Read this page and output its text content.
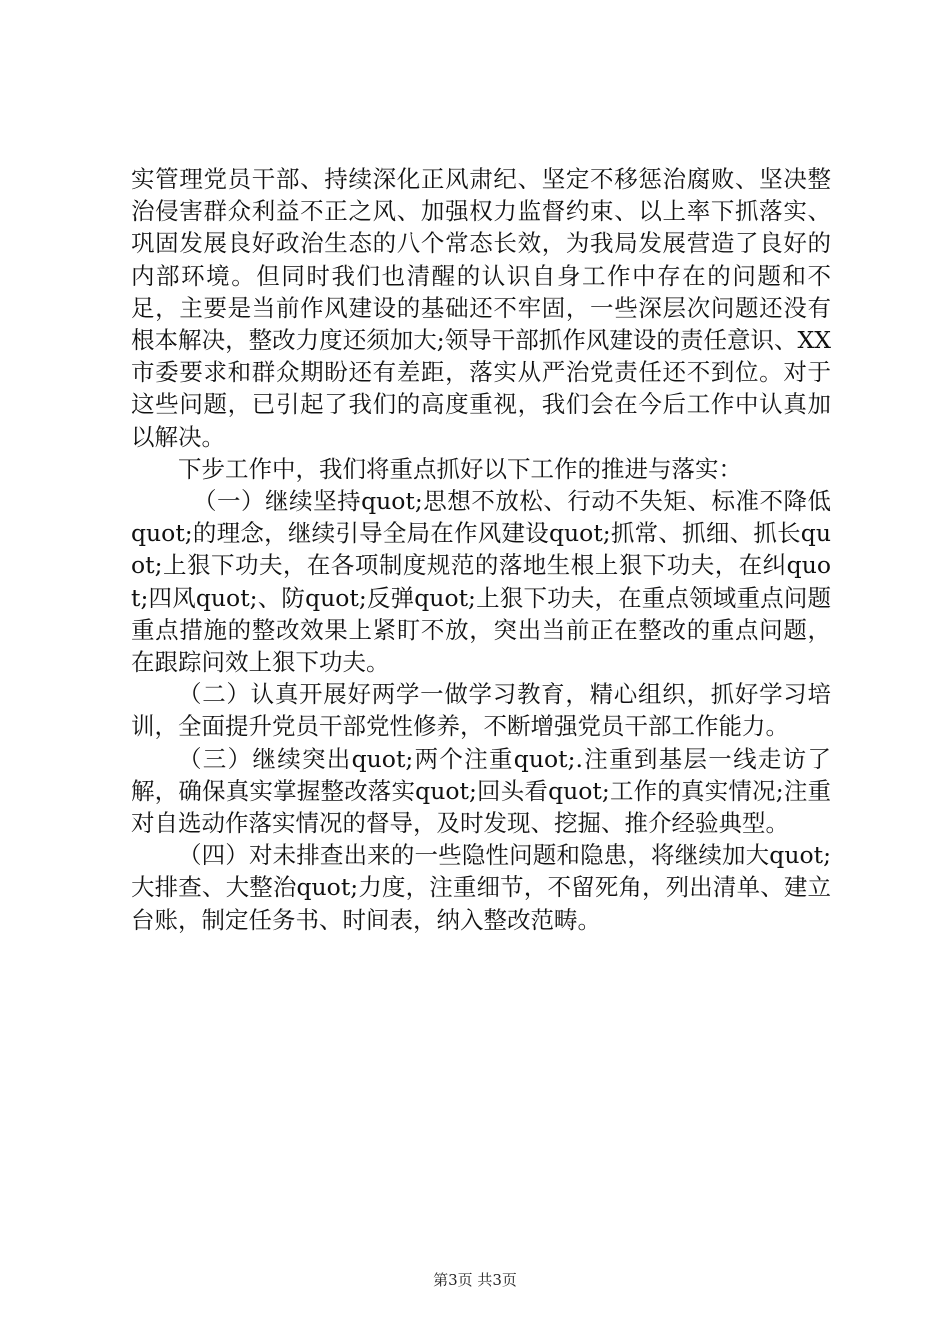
实管理党员干部、持续深化正风肃纪、坚定不移惩治腐败、坚决整治侵害群众利益不正之风、加强权力监督约束、以上率下抓落实、巩固发展良好政治生态的八个常态长效，为我局发展营造了良好的内部环境。但同时我们也清醒的认识自身工作中存在的问题和不足，主要是当前作风建设的基础还不牢固，一些深层次问题还没有根本解决，整改力度还须加大;领导干部抓作风建设的责任意识、XX市委要求和群众期盼还有差距，落实从严治党责任还不到位。对于这些问题，已引起了我们的高度重视，我们会在今后工作中认真加以解决。

下步工作中，我们将重点抓好以下工作的推进与落实：

（一）继续坚持quot;思想不放松、行动不失矩、标准不降低quot;的理念，继续引导全局在作风建设quot;抓常、抓细、抓长quot;上狠下功夫，在各项制度规范的落地生根上狠下功夫，在纠quot;四风quot;、防quot;反弹quot;上狠下功夫，在重点领域重点问题重点措施的整改效果上紧盯不放，突出当前正在整改的重点问题，在跟踪问效上狠下功夫。

（二）认真开展好两学一做学习教育，精心组织，抓好学习培训，全面提升党员干部党性修养，不断增强党员干部工作能力。

（三）继续突出quot;两个注重quot;.注重到基层一线走访了解，确保真实掌握整改落实quot;回头看quot;工作的真实情况;注重对自选动作落实情况的督导，及时发现、挖掘、推介经验典型。

（四）对未排查出来的一些隐性问题和隐患，将继续加大quot;大排查、大整治quot;力度，注重细节，不留死角，列出清单、建立台账，制定任务书、时间表，纳入整改范畴。

第3页 共3页
